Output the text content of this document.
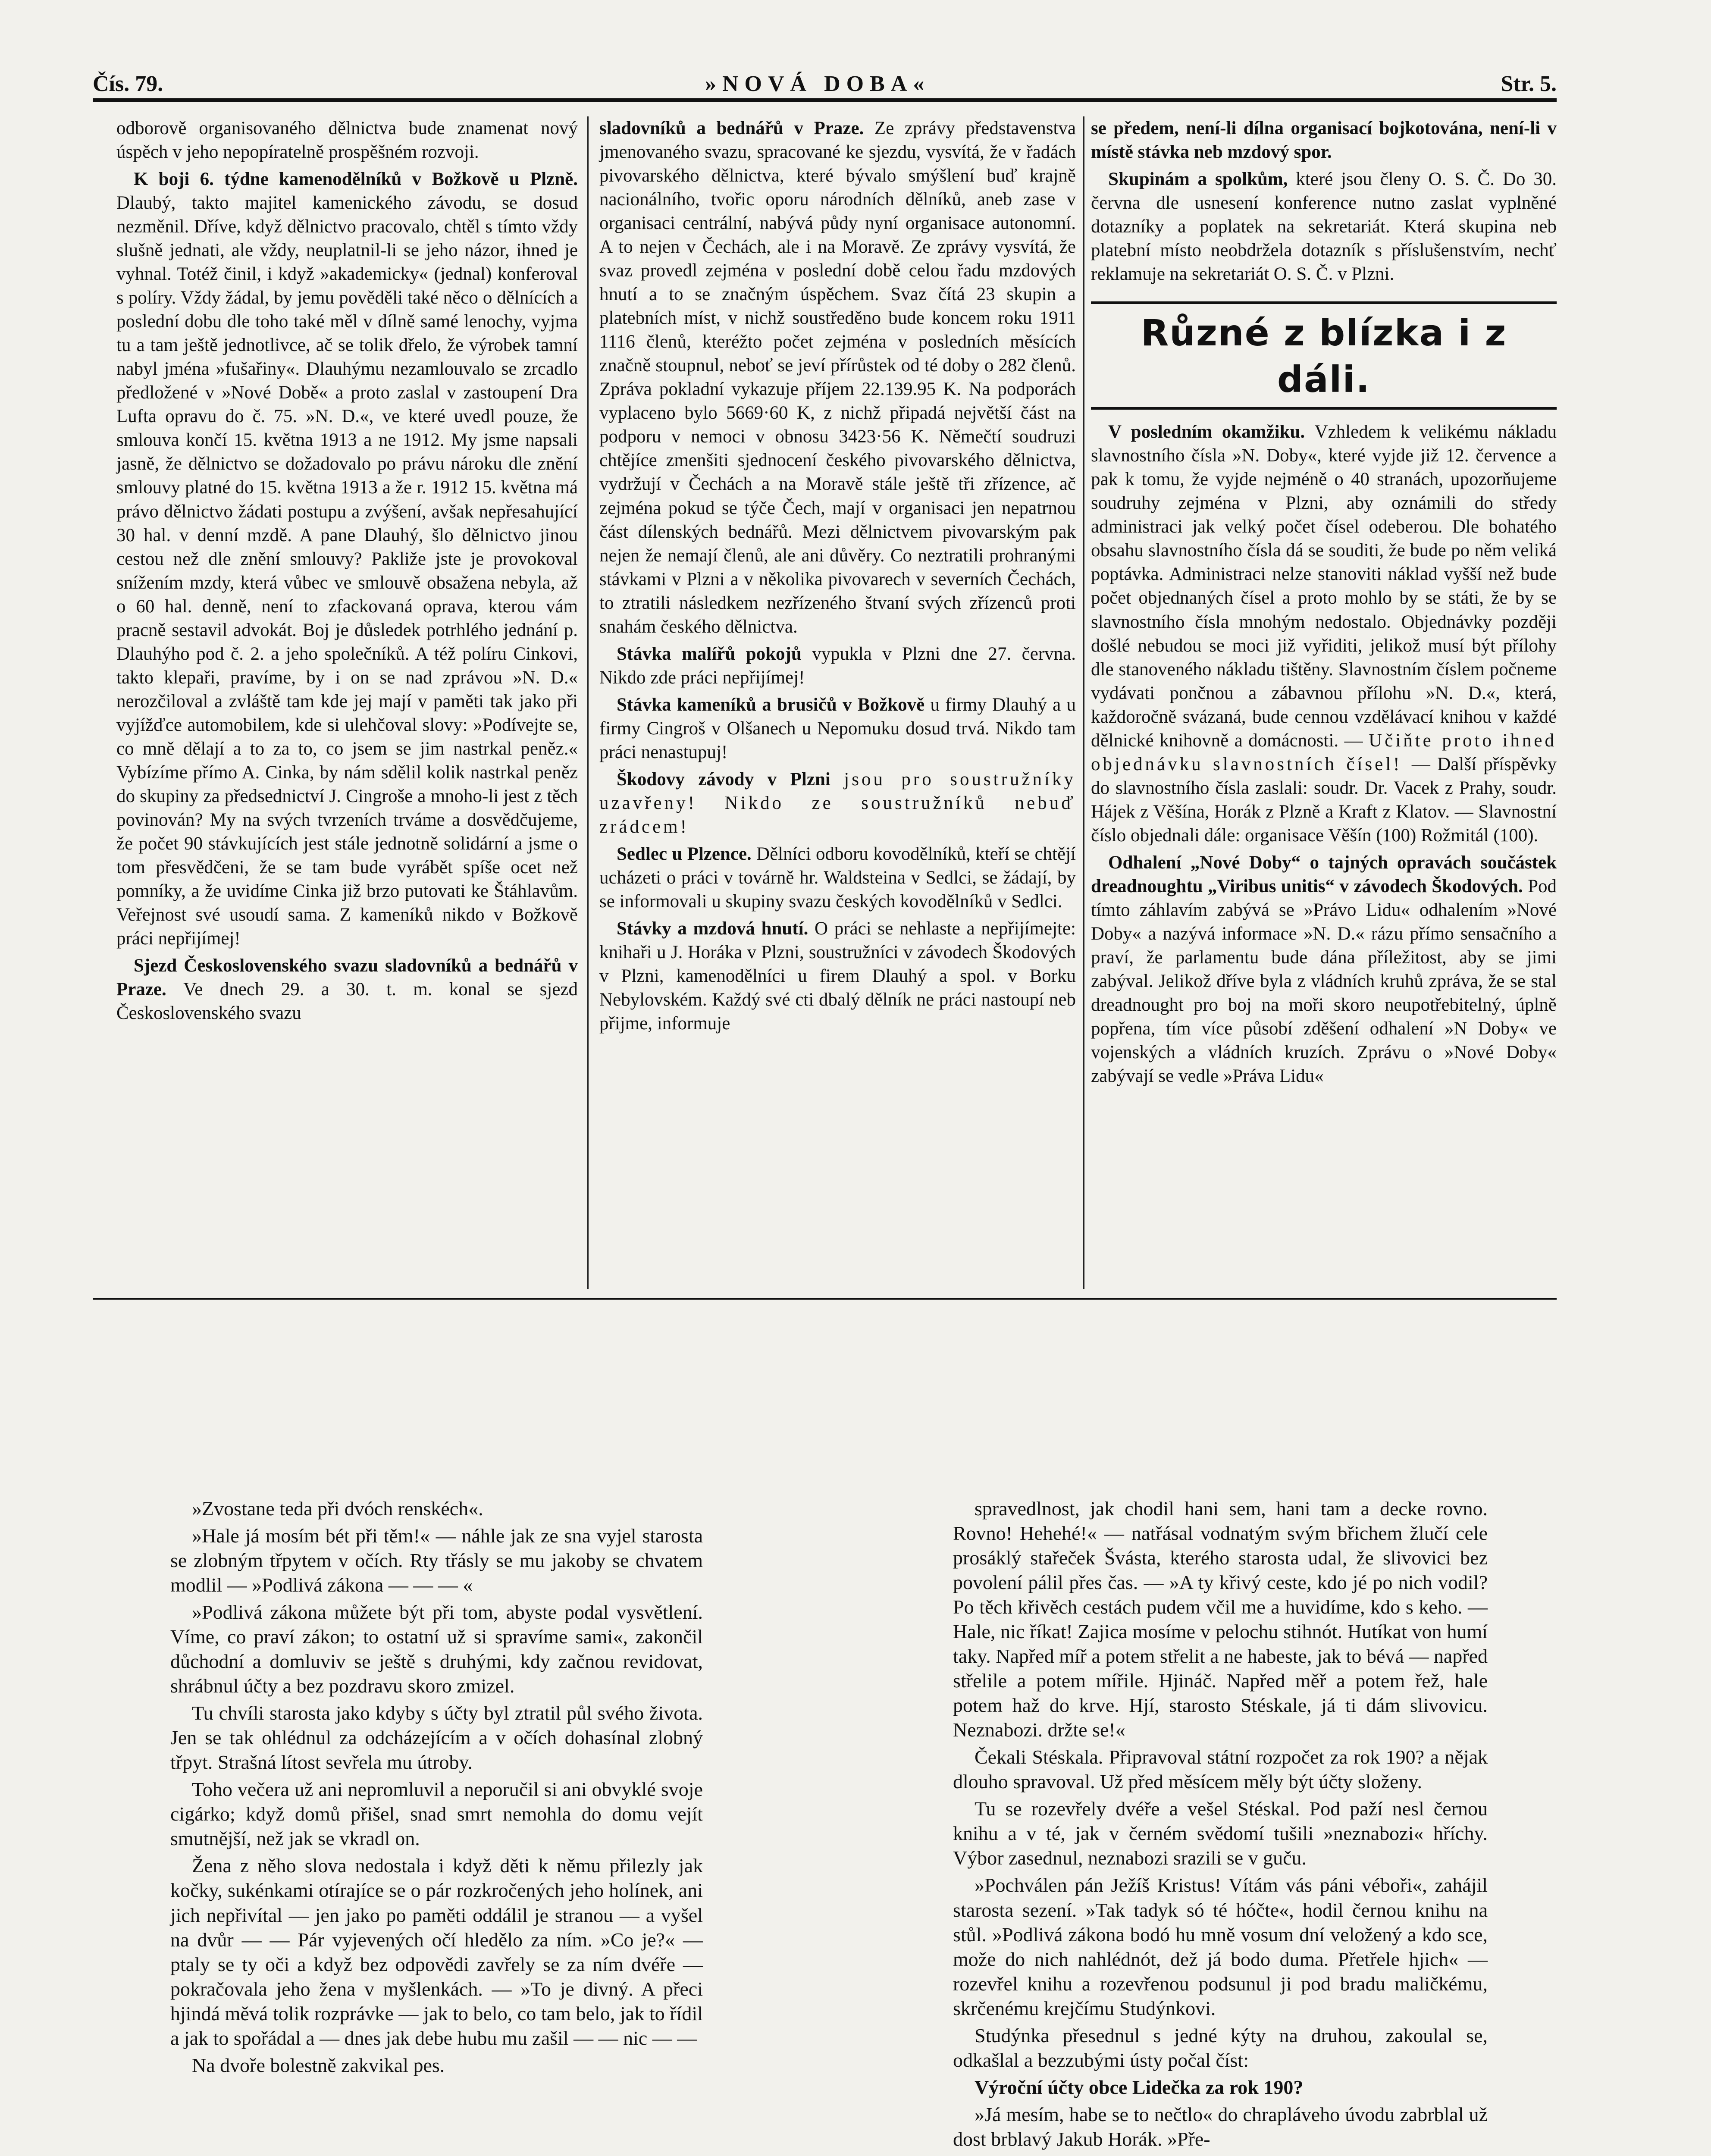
Čís. 79.	»NOVÁ DOBA«	Str. 5.

odborově organisovaného dělnictva bude znamenat nový úspěch v jeho nepopíratelně prospěšném rozvoji.

K boji 6. týdne kamenodělníků v Božkově u Plzně. Dlaubý, takto majitel kamenického závodu, se dosud nezměnil. Dříve, když dělnictvo pracovalo, chtěl s tímto vždy slušně jednati, ale vždy, neuplatnil-li se jeho názor, ihned je vyhnal. Totéž činil, i když »akademicky« (jednal) konferoval s políry. Vždy žádal, by jemu pověděli také něco o dělnících a poslední dobu dle toho také měl v dílně samé lenochy, vyjma tu a tam ještě jednotlivce, ač se tolik dřelo, že výrobek tamní nabyl jména »fušařiny«. Dlauhýmu nezamlouvalo se zrcadlo předložené v »Nové Době« a proto zaslal v zastoupení Dra Lufta opravu do č. 75. »N. D.«, ve které uvedl pouze, že smlouva končí 15. května 1913 a ne 1912. My jsme napsali jasně, že dělnictvo se dožadovalo po právu nároku dle znění smlouvy platné do 15. května 1913 a že r. 1912 15. května má právo dělnictvo žádati postupu a zvýšení, avšak nepřesahující 30 hal. v denní mzdě. A pane Dlauhý, šlo dělnictvo jinou cestou než dle znění smlouvy? Pakliže jste je provokoval snížením mzdy, která vůbec ve smlouvě obsažena nebyla, až o 60 hal. denně, není to zfackovaná oprava, kterou vám pracně sestavil advokát. Boj je důsledek potrhlého jednání p. Dlauhýho pod č. 2. a jeho společníků. A též políru Cinkovi, takto klepaři, pravíme, by i on se nad zprávou »N. D.« nerozčiloval a zvláště tam kde jej mají v paměti tak jako při vyjížďce automobilem, kde si ulehčoval slovy: »Podívejte se, co mně dělají a to za to, co jsem se jim nastrkal peněz.« Vybízíme přímo A. Cinka, by nám sdělil kolik nastrkal peněz do skupiny za předsednictví J. Cingroše a mnoho-li jest z těch povinován? My na svých tvrzeních trváme a dosvědčujeme, že počet 90 stávkujících jest stále jednotně solidární a jsme o tom přesvědčeni, že se tam bude vyrábět spíše ocet než pomníky, a že uvidíme Cinka již brzo putovati ke Štáhlavům. Veřejnost své usoudí sama. Z kameníků nikdo v Božkově práci nepřijímej!

Sjezd Československého svazu sladovníků a bednářů v Praze. Ve dnech 29. a 30. t. m. konal se sjezd Československého svazu

sladovníků a bednářů v Praze. Ze zprávy představenstva jmenovaného svazu, spracované ke sjezdu, vysvítá, že v řadách pivovarského dělnictva, které bývalo smýšlení buď krajně nacionálního, tvořic oporu národních dělníků, aneb zase v organisaci centrální, nabývá půdy nyní organisace autonomní. A to nejen v Čechách, ale i na Moravě. Ze zprávy vysvítá, že svaz provedl zejména v poslední době celou řadu mzdových hnutí a to se značným úspěchem. Svaz čítá 23 skupin a platebních míst, v nichž soustředěno bude koncem roku 1911 1116 členů, kteréžto počet zejména v posledních měsících značně stoupnul, neboť se jeví přírůstek od té doby o 282 členů. Zpráva pokladní vykazuje příjem 22.139.95 K. Na podporách vyplaceno bylo 5669·60 K, z nichž připadá největší část na podporu v nemoci v obnosu 3423·56 K. Němečtí soudruzi chtějíce zmenšiti sjednocení českého pivovarského dělnictva, vydržují v Čechách a na Moravě stále ještě tři zřízence, ač zejména pokud se týče Čech, mají v organisaci jen nepatrnou část dílenských bednářů. Mezi dělnictvem pivovarským pak nejen že nemají členů, ale ani důvěry. Co neztratili prohranými stávkami v Plzni a v několika pivovarech v severních Čechách, to ztratili následkem nezřízeného štvaní svých zřízenců proti snahám českého dělnictva.

Stávka malířů pokojů vypukla v Plzni dne 27. června. Nikdo zde práci nepřijímej!

Stávka kameníků a brusičů v Božkově u firmy Dlauhý a u firmy Cingroš v Olšanech u Nepomuku dosud trvá. Nikdo tam práci nenastupuj!

Škodovy závody v Plzni jsou pro soustružníky uzavřeny! Nikdo ze soustružníků nebuď zrádcem!

Sedlec u Plzence. Dělníci odboru kovodělníků, kteří se chtějí ucházeti o práci v továrně hr. Waldsteina v Sedlci, se žádají, by se informovali u skupiny svazu českých kovodělníků v Sedlci.

Stávky a mzdová hnutí. O práci se nehlaste a nepřijímejte: knihaři u J. Horáka v Plzni, soustružníci v závodech Škodových v Plzni, kamenodělníci u firem Dlauhý a spol. v Borku Nebylovském. Každý své cti dbalý dělník ne práci nastoupí neb přijme, informuje

se předem, není-li dílna organisací bojkotována, není-li v místě stávka neb mzdový spor.

Skupinám a spolkům, které jsou členy O. S. Č. Do 30. června dle usnesení konference nutno zaslat vyplněné dotazníky a poplatek na sekretariát. Která skupina neb platební místo neobdržela dotazník s příslušenstvím, nechť reklamuje na sekretariát O. S. Č. v Plzni.

Různé z blízka i z dáli.

V posledním okamžiku. Vzhledem k velikému nákladu slavnostního čísla »N. Doby«, které vyjde již 12. července a pak k tomu, že vyjde nejméně o 40 stranách, upozorňujeme soudruhy zejména v Plzni, aby oznámili do středy administraci jak velký počet čísel odeberou. Dle bohatého obsahu slavnostního čísla dá se souditi, že bude po něm veliká poptávka. Administraci nelze stanoviti náklad vyšší než bude počet objednaných čísel a proto mohlo by se státi, že by se slavnostního čísla mnohým nedostalo. Objednávky později došlé nebudou se moci již vyřiditi, jelikož musí být přílohy dle stanoveného nákladu tištěny. Slavnostním číslem počneme vydávati pončnou a zábavnou přílohu »N. D.«, která, každoročně svázaná, bude cennou vzdělávací knihou v každé dělnické knihovně a domácnosti. — Učiňte proto ihned objednávku slavnostních čísel! — Další příspěvky do slavnostního čísla zaslali: soudr. Dr. Vacek z Prahy, soudr. Hájek z Věšína, Horák z Plzně a Kraft z Klatov. — Slavnostní číslo objednali dále: organisace Věšín (100) Rožmitál (100).

Odhalení „Nové Doby“ o tajných opravách součástek dreadnoughtu „Viribus unitis“ v závodech Škodových. Pod tímto záhlavím zabývá se »Právo Lidu« odhalením »Nové Doby« a nazývá informace »N. D.« rázu přímo sensačního a praví, že parlamentu bude dána příležitost, aby se jimi zabýval. Jelikož dříve byla z vládních kruhů zpráva, že se stal dreadnought pro boj na moři skoro neupotřebitelný, úplně popřena, tím více působí zděšení odhalení »N Doby« ve vojenských a vládních kruzích. Zprávu o »Nové Doby« zabývají se vedle »Práva Lidu«

»Zvostane teda při dvóch renskéch«.

»Hale já mosím bét při těm!« — náhle jak ze sna vyjel starosta se zlobným třpytem v očích. Rty třásly se mu jakoby se chvatem modlil — »Podlivá zákona — — — «

»Podlivá zákona můžete být při tom, abyste podal vysvětlení. Víme, co praví zákon; to ostatní už si spravíme sami«, zakončil důchodní a domluviv se ještě s druhými, kdy začnou revidovat, shrábnul účty a bez pozdravu skoro zmizel.

Tu chvíli starosta jako kdyby s účty byl ztratil půl svého života. Jen se tak ohlédnul za odcházejícím a v očích dohasínal zlobný třpyt. Strašná lítost sevřela mu útroby.

Toho večera už ani nepromluvil a neporučil si ani obvyklé svoje cigárko; když domů přišel, snad smrt nemohla do domu vejít smutnější, než jak se vkradl on.

Žena z něho slova nedostala i když děti k němu přilezly jak kočky, sukénkami otírajíce se o pár rozkročených jeho holínek, ani jich nepřivítal — jen jako po paměti oddálil je stranou — a vyšel na dvůr — — Pár vyjevených očí hledělo za ním. »Co je?« — ptaly se ty oči a když bez odpovědi zavřely se za ním dvéře — pokračovala jeho žena v myšlenkách. — »To je divný. A přeci hjindá měvá tolik rozprávke — jak to belo, co tam belo, jak to řídil a jak to spořádal a — dnes jak debe hubu mu zašil — — nic — —

Na dvoře bolestně zakvikal pes.

spravedlnost, jak chodil hani sem, hani tam a decke rovno. Rovno! Hehehé!« — natřásal vodnatým svým břichem žlučí cele prosáklý stařeček Švásta, kterého starosta udal, že slivovici bez povolení pálil přes čas. — »A ty křivý ceste, kdo jé po nich vodil? Po těch křivěch cestách pudem včil me a huvidíme, kdo s keho. — Hale, nic říkat! Zajica mosíme v pelochu stihnót. Hutíkat von humí taky. Napřed míř a potem střelit a ne habeste, jak to bévá — napřed střelile a potem mířile. Hjináč. Napřed měř a potem řež, hale potem haž do krve. Hjí, starosto Stéskale, já ti dám slivovicu. Neznabozi. držte se!«

Čekali Stéskala. Připravoval státní rozpočet za rok 190? a nějak dlouho spravoval. Už před měsícem měly být účty složeny.

Tu se rozevřely dvéře a vešel Stéskal. Pod paží nesl černou knihu a v té, jak v černém svědomí tušili »neznabozi« hříchy. Výbor zasednul, neznabozi srazili se v guču.

»Pochválen pán Ježíš Kristus! Vítám vás páni véboři«, zahájil starosta sezení. »Tak tadyk só té hóčte«, hodil černou knihu na stůl. »Podlivá zákona bodó hu mně vosum dní veložený a kdo sce, može do nich nahlédnót, dež já bodo duma. Přetřele hjich« — rozevřel knihu a rozevřenou podsunul ji pod bradu maličkému, skrčenému krejčímu Studýnkovi.

Studýnka přesednul s jedné kýty na druhou, zakoulal se, odkašlal a bezzubými ústy počal číst:

Výroční účty obce Lidečka za rok 190?

»Já mesím, habe se to nečtlo« do chrapláveho úvodu zabrblal už dost brblavý Jakub Horák. »Pře-
